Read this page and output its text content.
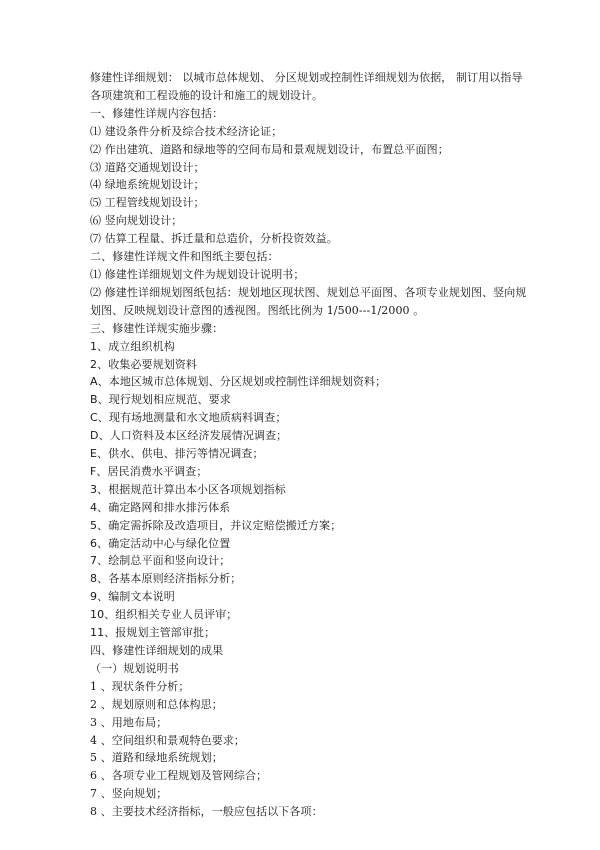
修建性详细规划： 以城市总体规划、 分区规划或控制性详细规划为依据， 制订用以指导各项建筑和工程设施的设计和施工的规划设计。

一、修建性详规内容包括：

⑴ 建设条件分析及综合技术经济论证；

⑵ 作出建筑、道路和绿地等的空间布局和景观规划设计，布置总平面图；

⑶ 道路交通规划设计；

⑷ 绿地系统规划设计；

⑸ 工程管线规划设计；

⑹ 竖向规划设计；

⑺ 估算工程量、拆迁量和总造价，分析投资效益。

二、修建性详规文件和图纸主要包括：

⑴ 修建性详细规划文件为规划设计说明书；

⑵ 修建性详细规划图纸包括：规划地区现状图、规划总平面图、各项专业规划图、竖向规划图、反映规划设计意图的透视图。图纸比例为 1/500---1/2000 。

三、修建性详规实施步骤：

1、成立组织机构

2、收集必要规划资料

A、本地区城市总体规划、分区规划或控制性详细规划资料；

B、现行规划相应规范、要求

C、现有场地测量和水文地质病料调查；

D、人口资料及本区经济发展情况调查；

E、供水、供电、排污等情况调查；

F、居民消费水平调查；

3、根据规范计算出本小区各项规划指标

4、确定路网和排水排污体系

5、确定需拆除及改造项目，并议定赔偿搬迁方案；

6、确定活动中心与绿化位置

7、绘制总平面和竖向设计；

8、各基本原则经济指标分析；

9、编制文本说明

10、组织相关专业人员评审；

11、报规划主管部审批；

四、修建性详细规划的成果

（一）规划说明书

1 、现状条件分析；

2 、规划原则和总体构思；

3 、用地布局；

4 、空间组织和景观特色要求；

5 、道路和绿地系统规划；

6 、各项专业工程规划及管网综合；

7 、竖向规划；

8 、主要技术经济指标，一般应包括以下各项：
